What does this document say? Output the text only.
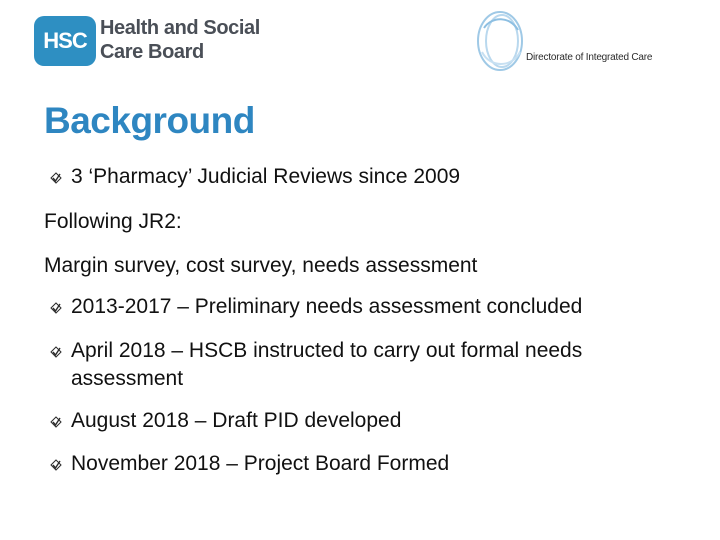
HSC Health and Social
Care Board	Directorate of Integrated Care
Background
3 ‘Pharmacy’ Judicial Reviews since 2009
Following JR2:
Margin survey, cost survey, needs assessment
2013-2017 – Preliminary needs assessment concluded
April 2018 – HSCB instructed to carry out formal needs assessment
August 2018 – Draft PID developed
November 2018 – Project Board Formed
